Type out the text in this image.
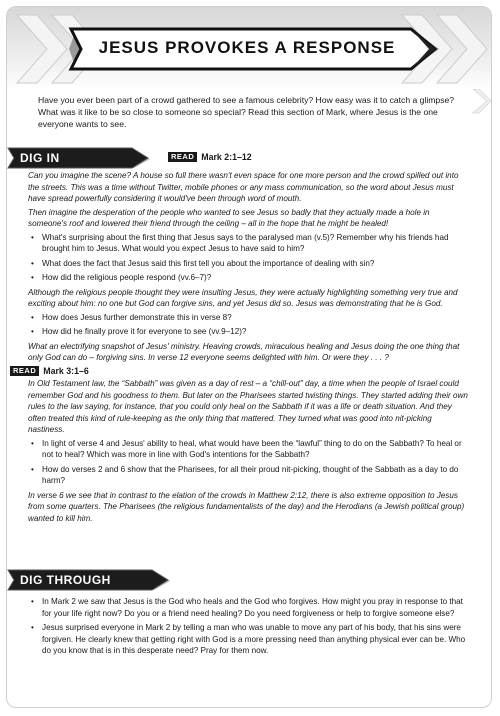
JESUS PROVOKES A RESPONSE
Have you ever been part of a crowd gathered to see a famous celebrity? How easy was it to catch a glimpse? What was it like to be so close to someone so special? Read this section of Mark, where Jesus is the one everyone wants to see.
DIG IN	READ Mark 2:1–12

Can you imagine the scene? A house so full there wasn't even space for one more person and the crowd spilled out into the streets. This was a time without Twitter, mobile phones or any mass communication, so the word about Jesus must have spread powerfully considering it would've been through word of mouth.

Then imagine the desperation of the people who wanted to see Jesus so badly that they actually made a hole in someone's roof and lowered their friend through the ceiling – all in the hope that he might be healed!

• What's surprising about the first thing that Jesus says to the paralysed man (v.5)? Remember why his friends had brought him to Jesus. What would you expect Jesus to have said to him?
• What does the fact that Jesus said this first tell you about the importance of dealing with sin?
• How did the religious people respond (vv.6–7)?

Although the religious people thought they were insulting Jesus, they were actually highlighting something very true and exciting about him: no one but God can forgive sins, and yet Jesus did so. Jesus was demonstrating that he is God.

• How does Jesus further demonstrate this in verse 8?
• How did he finally prove it for everyone to see (vv.9–12)?

What an electrifying snapshot of Jesus' ministry. Heaving crowds, miraculous healing and Jesus doing the one thing that only God can do – forgiving sins. In verse 12 everyone seems delighted with him. Or were they . . . ?

READ Mark 3:1–6

In Old Testament law, the “Sabbath” was given as a day of rest – a “chill-out” day, a time when the people of Israel could remember God and his goodness to them. But later on the Pharisees started twisting things. They started adding their own rules to the law saying, for instance, that you could only heal on the Sabbath if it was a life or death situation. And they often treated this kind of rule-keeping as the only thing that mattered. They turned what was good into nit-picking nastiness.

• In light of verse 4 and Jesus' ability to heal, what would have been the “lawful” thing to do on the Sabbath? To heal or not to heal? Which was more in line with God's intentions for the Sabbath?
• How do verses 2 and 6 show that the Pharisees, for all their proud nit-picking, thought of the Sabbath as a day to do harm?

In verse 6 we see that in contrast to the elation of the crowds in Matthew 2:12, there is also extreme opposition to Jesus from some quarters. The Pharisees (the religious fundamentalists of the day) and the Herodians (a Jewish political group) wanted to kill him.

DIG THROUGH
• In Mark 2 we saw that Jesus is the God who heals and the God who forgives. How might you pray in response to that for your life right now? Do you or a friend need healing? Do you need forgiveness or help to forgive someone else?
• Jesus surprised everyone in Mark 2 by telling a man who was unable to move any part of his body, that his sins were forgiven. He clearly knew that getting right with God is a more pressing need than anything physical ever can be. Who do you know that is in this desperate need? Pray for them now.
